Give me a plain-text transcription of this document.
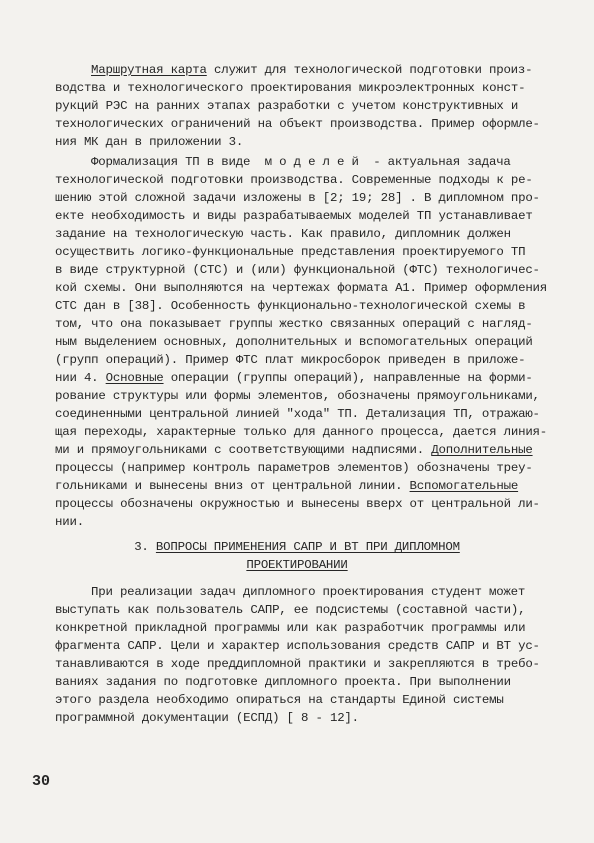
Маршрутная карта служит для технологической подготовки произ-
водства и технологического проектирования микроэлектронных конст-
рукций РЭС на ранних этапах разработки с учетом конструктивных и
технологических ограничений на объект производства. Пример оформле-
ния МК дан в приложении 3.
Формализация ТП в виде  м о д е л е й  - актуальная задача
технологической подготовки производства. Современные подходы к ре-
шению этой сложной задачи изложены в [2; 19; 28] . В дипломном про-
екте необходимость и виды разрабатываемых моделей ТП устанавливает
задание на технологическую часть. Как правило, дипломник должен
осуществить логико-функциональные представления проектируемого ТП
в виде структурной (СТС) и (или) функциональной (ФТС) технологичес-
кой схемы. Они выполняются на чертежах формата А1. Пример оформления
СТС дан в [38]. Особенность функционально-технологической схемы в
том, что она показывает группы жестко связанных операций с нагляд-
ным выделением основных, дополнительных и вспомогательных операций
(групп операций). Пример ФТС плат микросборок приведен в приложе-
нии 4. Основные операции (группы операций), направленные на форми-
рование структуры или формы элементов, обозначены прямоугольниками,
соединенными центральной линией "хода" ТП. Детализация ТП, отражаю-
щая переходы, характерные только для данного процесса, дается линия-
ми и прямоугольниками с соответствующими надписями. Дополнительные
процессы (например контроль параметров элементов) обозначены треу-
гольниками и вынесены вниз от центральной линии. Вспомогательные
процессы обозначены окружностью и вынесены вверх от центральной ли-
нии.
3. ВОПРОСЫ ПРИМЕНЕНИЯ САПР И ВТ ПРИ ДИПЛОМНОМ
ПРОЕКТИРОВАНИИ
При реализации задач дипломного проектирования студент может
выступать как пользователь САПР, ее подсистемы (составной части),
конкретной прикладной программы или как разработчик программы или
фрагмента САПР. Цели и характер использования средств САПР и ВТ ус-
танавливаются в ходе преддипломной практики и закрепляются в требо-
ваниях задания по подготовке дипломного проекта. При выполнении
этого раздела необходимо опираться на стандарты Единой системы
программной документации (ЕСПД) [ 8 - 12].
30
